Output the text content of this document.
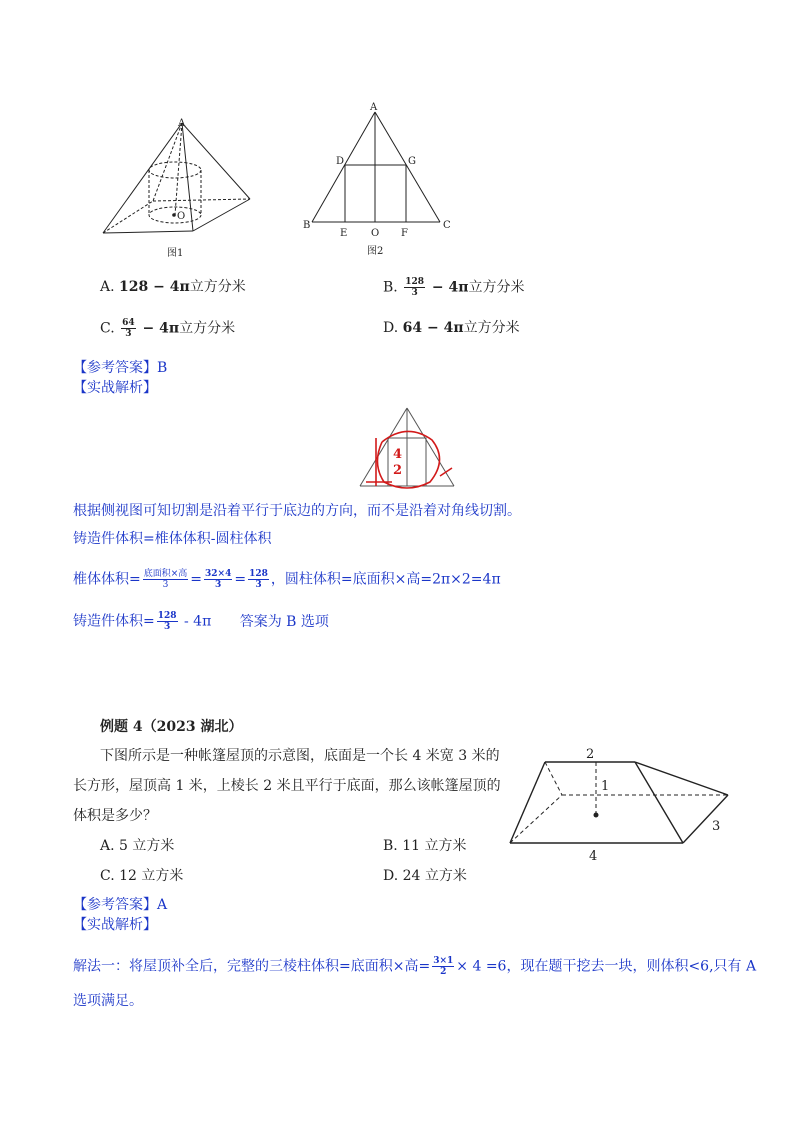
A
O
图1
A
D	G
B
E O F
C
图2
A. 128 − 4π立方分米	B. $\frac{128}{3} - 4\pi$立方分米
C. $\frac{64}{3} - 4\pi$立方分米	D. 64 − 4π立方分米
【参考答案】B
【实战解析】
4
2
根据侧视图可知切割是沿着平行于底边的方向，而不是沿着对角线切割。
铸造件体积=椎体体积-圆柱体积
椎体体积= $\frac{\text{底面积×高}}{3} = \frac{32\times 4}{3} = \frac{128}{3}$ ，圆柱体积=底面积×高=2π×2=4π
铸造件体积= $\frac{128}{3} - 4\pi$ 答案为 B 选项
例题 4（2023 湖北）
下图所示是一种帐篷屋顶的示意图，底面是一个长 4 米宽 3 米的
长方形，屋顶高 1 米，上棱长 2 米且平行于底面，那么该帐篷屋顶的
体积是多少？
A. 5 立方米	B. 11 立方米
C. 12 立方米	D. 24 立方米
2
1
3
4
【参考答案】A
【实战解析】
解法一：将屋顶补全后，完整的三棱柱体积=底面积×高= $\frac{3\times 1}{2} \times 4 =6$，现在题干挖去一块，则体积<6,只有 A
选项满足。
